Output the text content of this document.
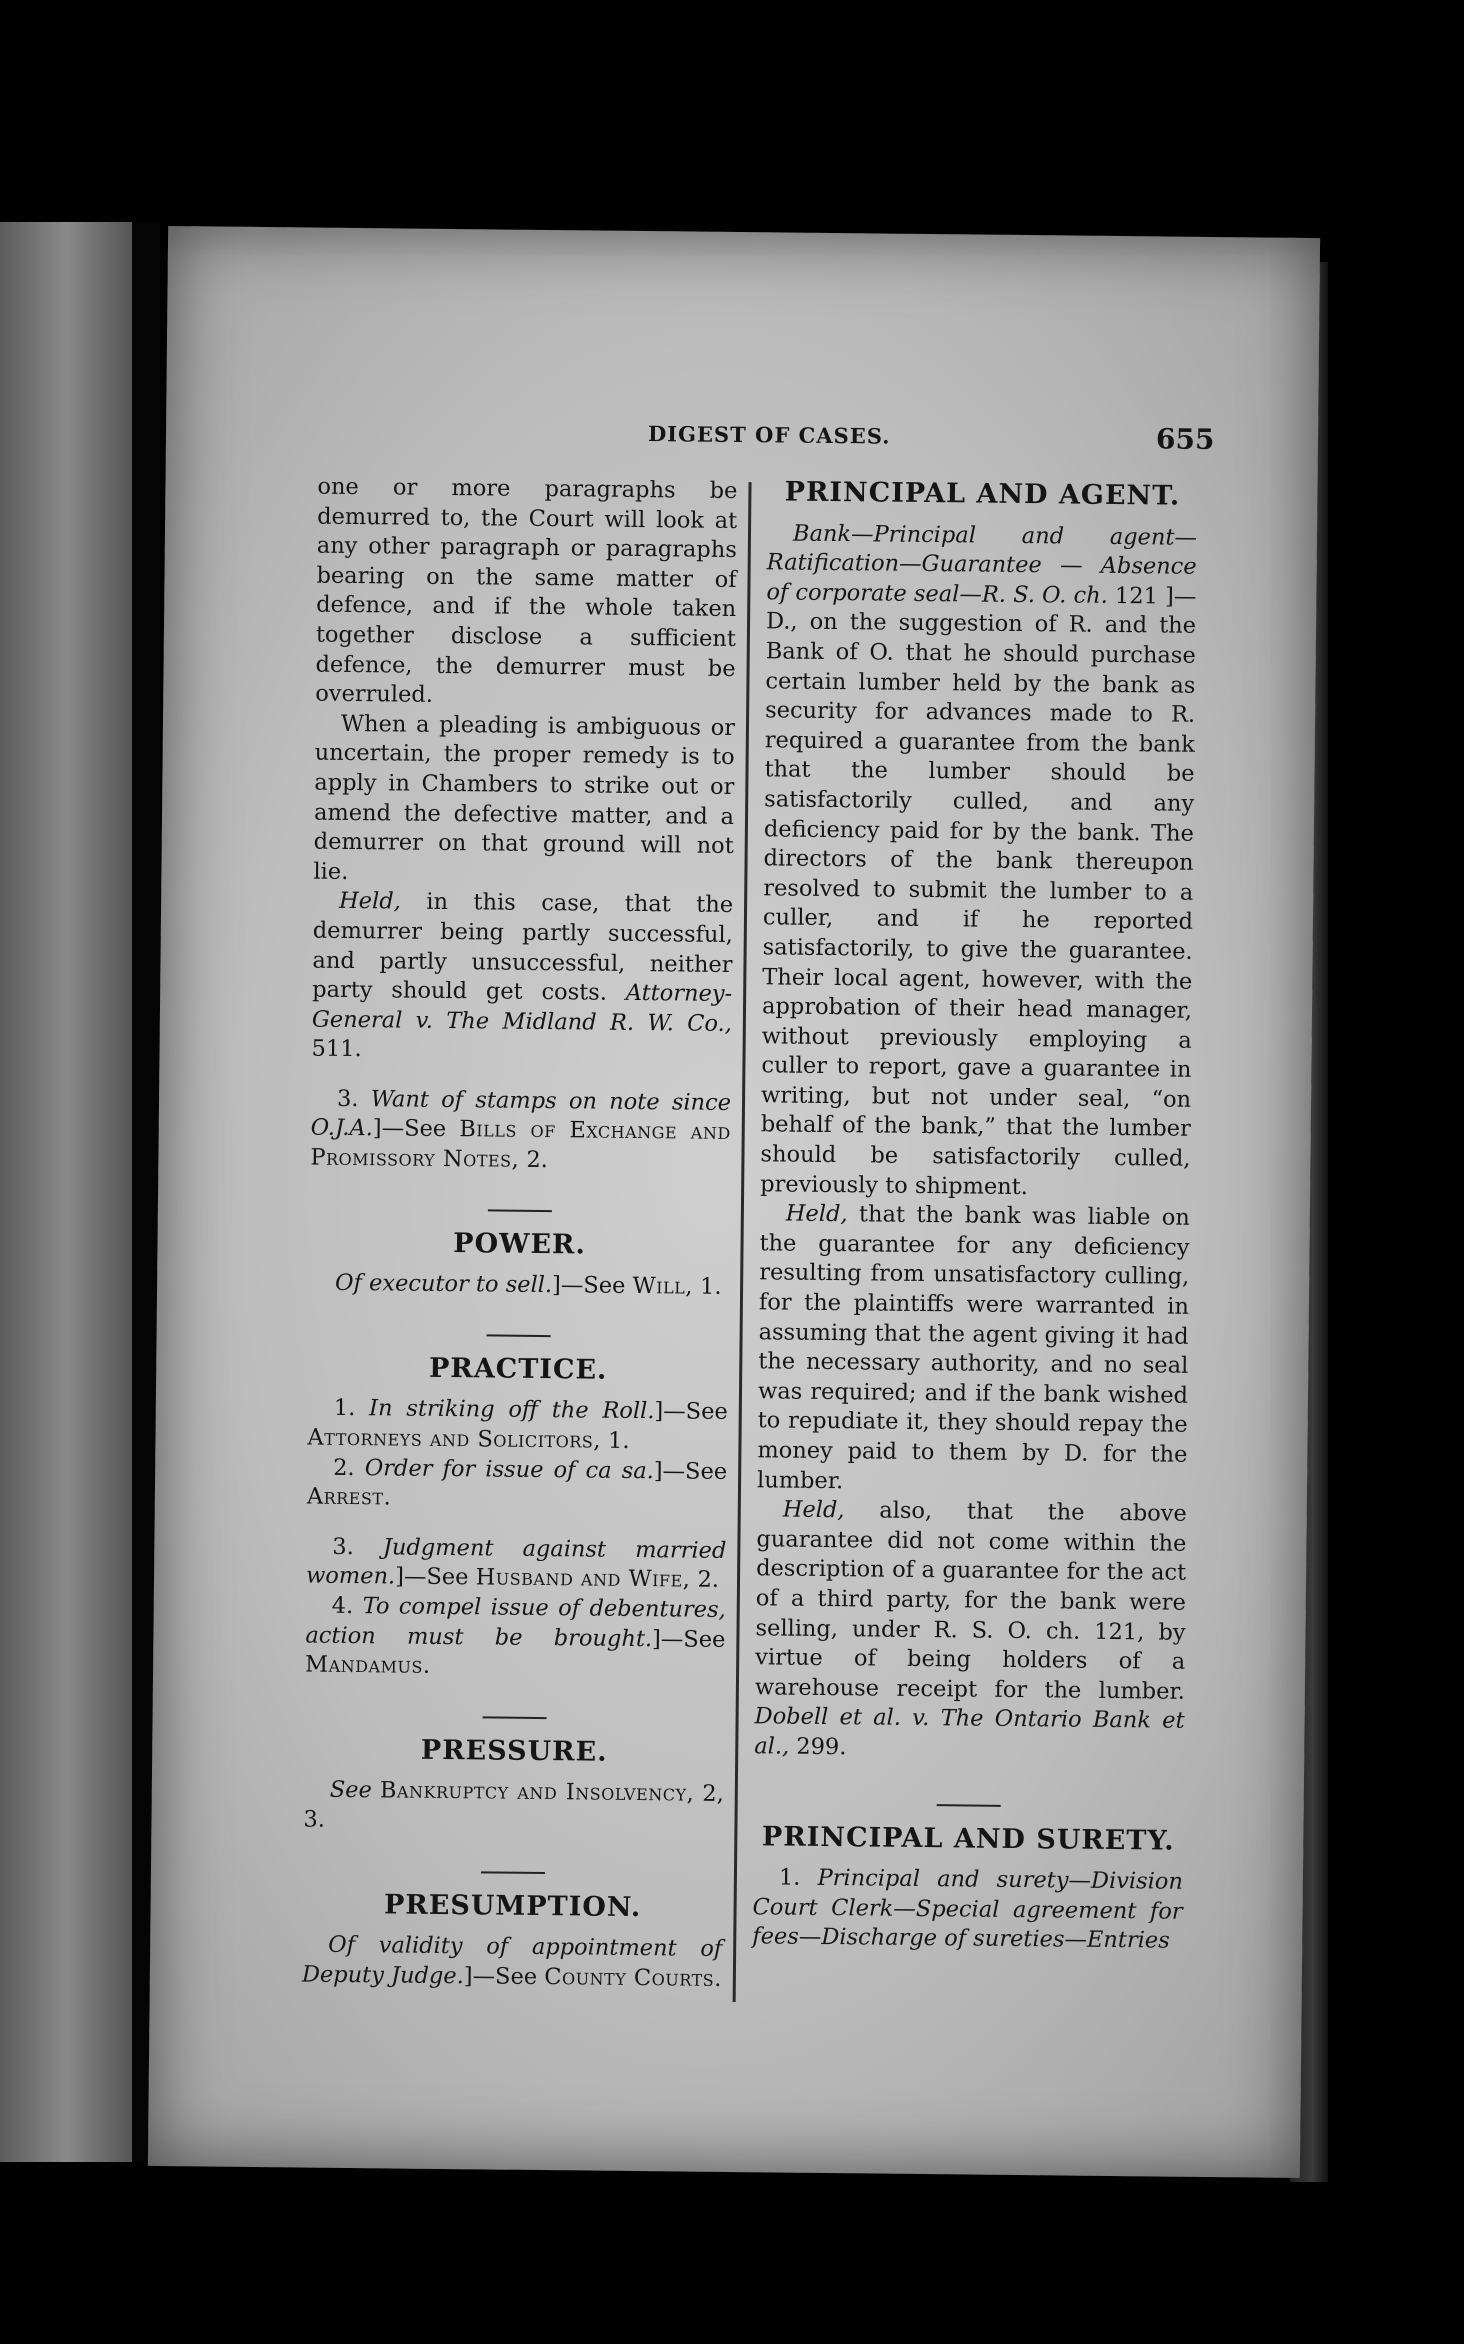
DIGEST OF CASES.	655

one or more paragraphs be demurred to, the Court will look at any other paragraph or paragraphs bearing on the same matter of defence, and if the whole taken together disclose a sufficient defence, the demurrer must be overruled.

When a pleading is ambiguous or uncertain, the proper remedy is to apply in Chambers to strike out or amend the defective matter, and a demurrer on that ground will not lie.

Held, in this case, that the demurrer being partly successful, and partly unsuccessful, neither party should get costs. Attorney-General v. The Midland R. W. Co., 511.

3. Want of stamps on note since O.J.A.]—See Bills of Exchange and Promissory Notes, 2.

POWER.

Of executor to sell.]—See Will, 1.

PRACTICE.

1. In striking off the Roll.]—See Attorneys and Solicitors, 1.

2. Order for issue of ca sa.]—See Arrest.

3. Judgment against married women.]—See Husband and Wife, 2.

4. To compel issue of debentures, action must be brought.]—See Mandamus.

PRESSURE.

See Bankruptcy and Insolvency, 2, 3.

PRESUMPTION.

Of validity of appointment of Deputy Judge.]—See County Courts.

PRINCIPAL AND AGENT.

Bank—Principal and agent—Ratification—Guarantee — Absence of corporate seal—R. S. O. ch. 121 ]—D., on the suggestion of R. and the Bank of O. that he should purchase certain lumber held by the bank as security for advances made to R. required a guarantee from the bank that the lumber should be satisfactorily culled, and any deficiency paid for by the bank. The directors of the bank thereupon resolved to submit the lumber to a culler, and if he reported satisfactorily, to give the guarantee. Their local agent, however, with the approbation of their head manager, without previously employing a culler to report, gave a guarantee in writing, but not under seal, “on behalf of the bank,” that the lumber should be satisfactorily culled, previously to shipment.

Held, that the bank was liable on the guarantee for any deficiency resulting from unsatisfactory culling, for the plaintiffs were warranted in assuming that the agent giving it had the necessary authority, and no seal was required; and if the bank wished to repudiate it, they should repay the money paid to them by D. for the lumber.

Held, also, that the above guarantee did not come within the description of a guarantee for the act of a third party, for the bank were selling, under R. S. O. ch. 121, by virtue of being holders of a warehouse receipt for the lumber. Dobell et al. v. The Ontario Bank et al., 299.

PRINCIPAL AND SURETY.

1. Principal and surety—Division Court Clerk—Special agreement for fees—Discharge of sureties—Entries
